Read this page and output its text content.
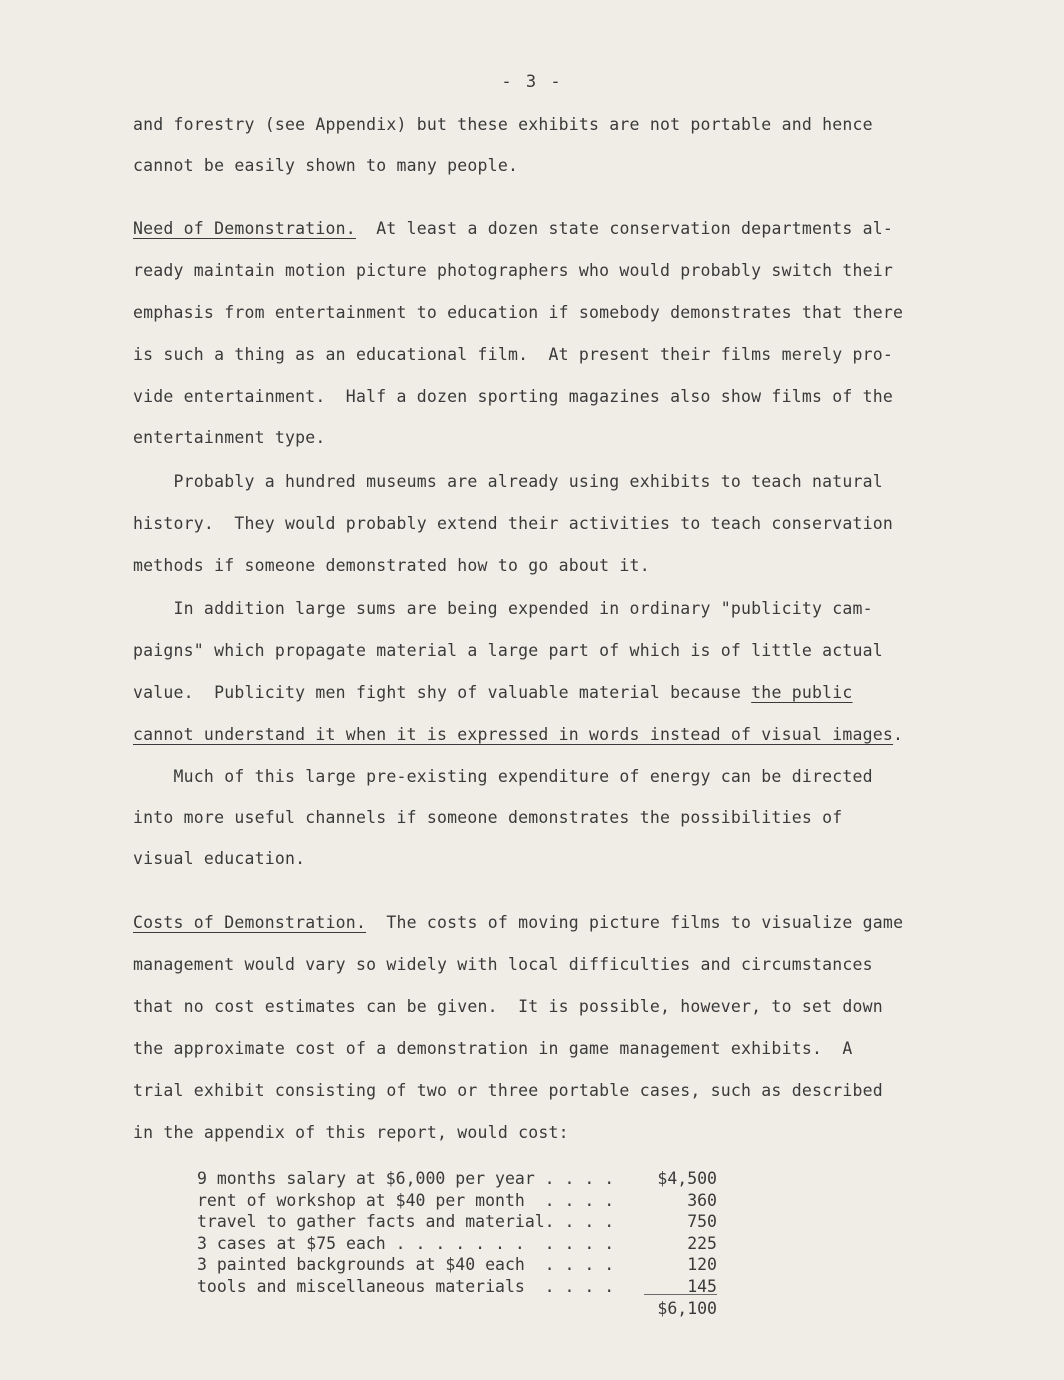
- 3 -
and forestry (see Appendix) but these exhibits are not portable and hence
cannot be easily shown to many people.
Need of Demonstration. At least a dozen state conservation departments al-
ready maintain motion picture photographers who would probably switch their
emphasis from entertainment to education if somebody demonstrates that there
is such a thing as an educational film.  At present their films merely pro-
vide entertainment.  Half a dozen sporting magazines also show films of the
entertainment type.
Probably a hundred museums are already using exhibits to teach natural
history.  They would probably extend their activities to teach conservation
methods if someone demonstrated how to go about it.
In addition large sums are being expended in ordinary "publicity cam-
paigns" which propagate material a large part of which is of little actual
value.  Publicity men fight shy of valuable material because the public
cannot understand it when it is expressed in words instead of visual images.
Much of this large pre-existing expenditure of energy can be directed
into more useful channels if someone demonstrates the possibilities of
visual education.
Costs of Demonstration. The costs of moving picture films to visualize game
management would vary so widely with local difficulties and circumstances
that no cost estimates can be given.  It is possible, however, to set down
the approximate cost of a demonstration in game management exhibits.  A
trial exhibit consisting of two or three portable cases, such as described
in the appendix of this report, would cost:
9 months salary at $6,000 per year . . . .	$4,500
rent of workshop at $40 per month  . . . .	360
travel to gather facts and material. . . .	750
3 cases at $75 each . . . . . . .  . . . .	225
3 painted backgrounds at $40 each  . . . .	120
tools and miscellaneous materials  . . . .	145
$6,100
